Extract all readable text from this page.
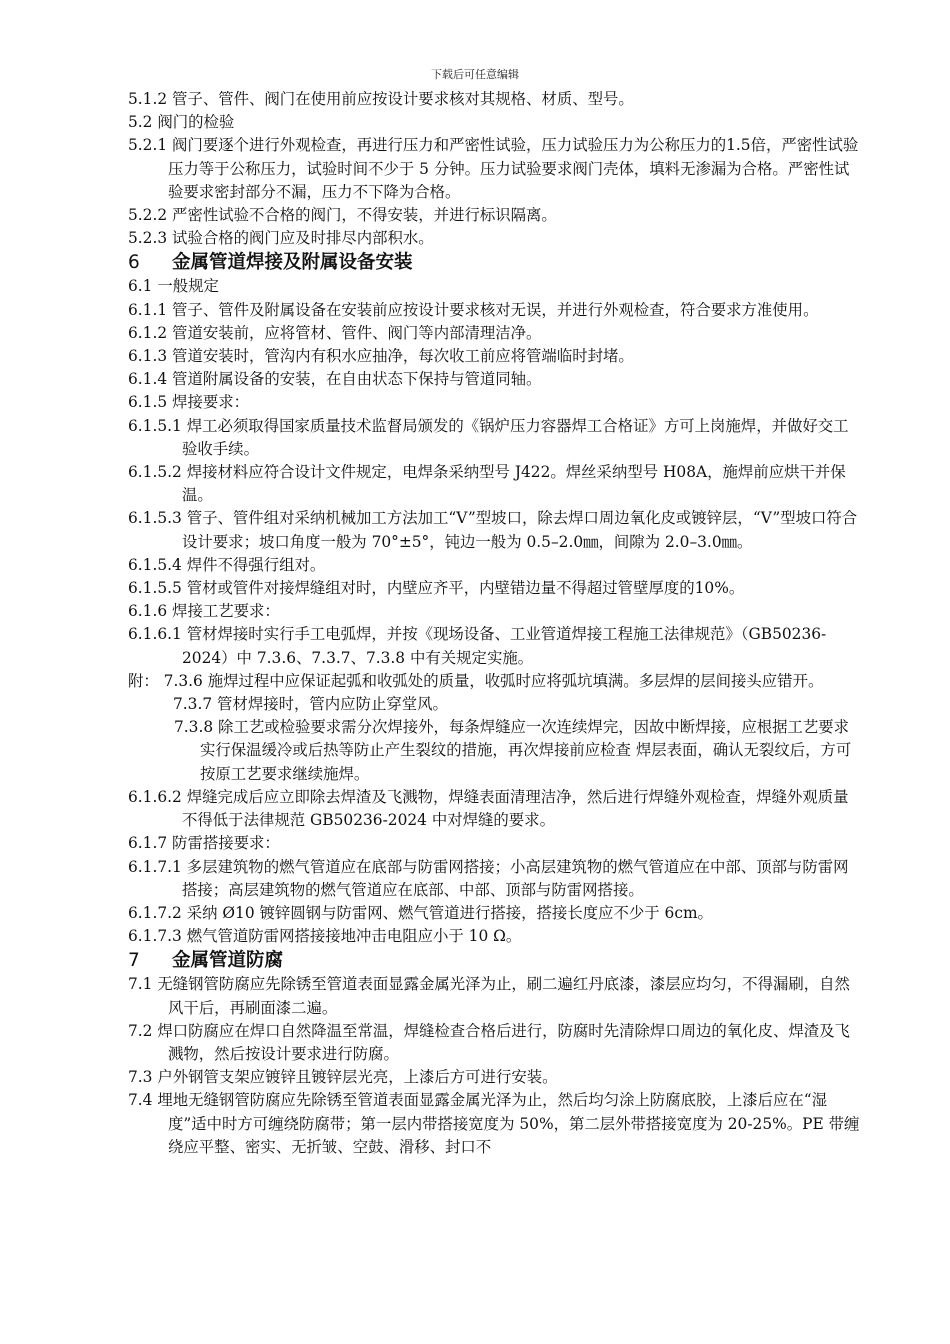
下载后可任意编辑
5.1.2 管子、管件、阀门在使用前应按设计要求核对其规格、材质、型号。
5.2 阀门的检验
5.2.1 阀门要逐个进行外观检查，再进行压力和严密性试验，压力试验压力为公称压力的1.5倍，严密性试验压力等于公称压力，试验时间不少于 5 分钟。压力试验要求阀门壳体，填料无渗漏为合格。严密性试验要求密封部分不漏，压力不下降为合格。
5.2.2 严密性试验不合格的阀门，不得安装，并进行标识隔离。
5.2.3 试验合格的阀门应及时排尽内部积水。
6 金属管道焊接及附属设备安装
6.1 一般规定
6.1.1 管子、管件及附属设备在安装前应按设计要求核对无误，并进行外观检查，符合要求方准使用。
6.1.2 管道安装前，应将管材、管件、阀门等内部清理洁净。
6.1.3 管道安装时，管沟内有积水应抽净，每次收工前应将管端临时封堵。
6.1.4 管道附属设备的安装，在自由状态下保持与管道同轴。
6.1.5 焊接要求：
6.1.5.1 焊工必须取得国家质量技术监督局颁发的《锅炉压力容器焊工合格证》方可上岗施焊，并做好交工验收手续。
6.1.5.2 焊接材料应符合设计文件规定，电焊条采纳型号 J422。焊丝采纳型号 H08A，施焊前应烘干并保温。
6.1.5.3 管子、管件组对采纳机械加工方法加工“V”型坡口，除去焊口周边氧化皮或镀锌层，“V”型坡口符合设计要求；坡口角度一般为 70°±5°，钝边一般为 0.5–2.0㎜，间隙为 2.0–3.0㎜。
6.1.5.4 焊件不得强行组对。
6.1.5.5 管材或管件对接焊缝组对时，内壁应齐平，内壁错边量不得超过管壁厚度的10%。
6.1.6 焊接工艺要求：
6.1.6.1 管材焊接时实行手工电弧焊，并按《现场设备、工业管道焊接工程施工法律规范》（GB50236-2024）中 7.3.6、7.3.7、7.3.8 中有关规定实施。
附： 7.3.6 施焊过程中应保证起弧和收弧处的质量，收弧时应将弧坑填满。多层焊的层间接头应错开。
7.3.7 管材焊接时，管内应防止穿堂风。
7.3.8 除工艺或检验要求需分次焊接外，每条焊缝应一次连续焊完，因故中断焊接，应根据工艺要求实行保温缓冷或后热等防止产生裂纹的措施，再次焊接前应检查 焊层表面，确认无裂纹后，方可按原工艺要求继续施焊。
6.1.6.2 焊缝完成后应立即除去焊渣及飞溅物，焊缝表面清理洁净，然后进行焊缝外观检查，焊缝外观质量不得低于法律规范 GB50236-2024 中对焊缝的要求。
6.1.7 防雷搭接要求：
6.1.7.1 多层建筑物的燃气管道应在底部与防雷网搭接；小高层建筑物的燃气管道应在中部、顶部与防雷网搭接；高层建筑物的燃气管道应在底部、中部、顶部与防雷网搭接。
6.1.7.2 采纳 Ø10 镀锌圆钢与防雷网、燃气管道进行搭接，搭接长度应不少于 6cm。
6.1.7.3 燃气管道防雷网搭接接地冲击电阻应小于 10 Ω。
7 金属管道防腐
7.1 无缝钢管防腐应先除锈至管道表面显露金属光泽为止，刷二遍红丹底漆，漆层应均匀，不得漏刷，自然风干后，再刷面漆二遍。
7.2 焊口防腐应在焊口自然降温至常温，焊缝检查合格后进行，防腐时先清除焊口周边的氧化皮、焊渣及飞溅物，然后按设计要求进行防腐。
7.3 户外钢管支架应镀锌且镀锌层光亮，上漆后方可进行安装。
7.4 埋地无缝钢管防腐应先除锈至管道表面显露金属光泽为止，然后均匀涂上防腐底胶，上漆后应在“湿度”适中时方可缠绕防腐带；第一层内带搭接宽度为 50%，第二层外带搭接宽度为 20-25%。PE 带缠绕应平整、密实、无折皱、空鼓、滑移、封口不
